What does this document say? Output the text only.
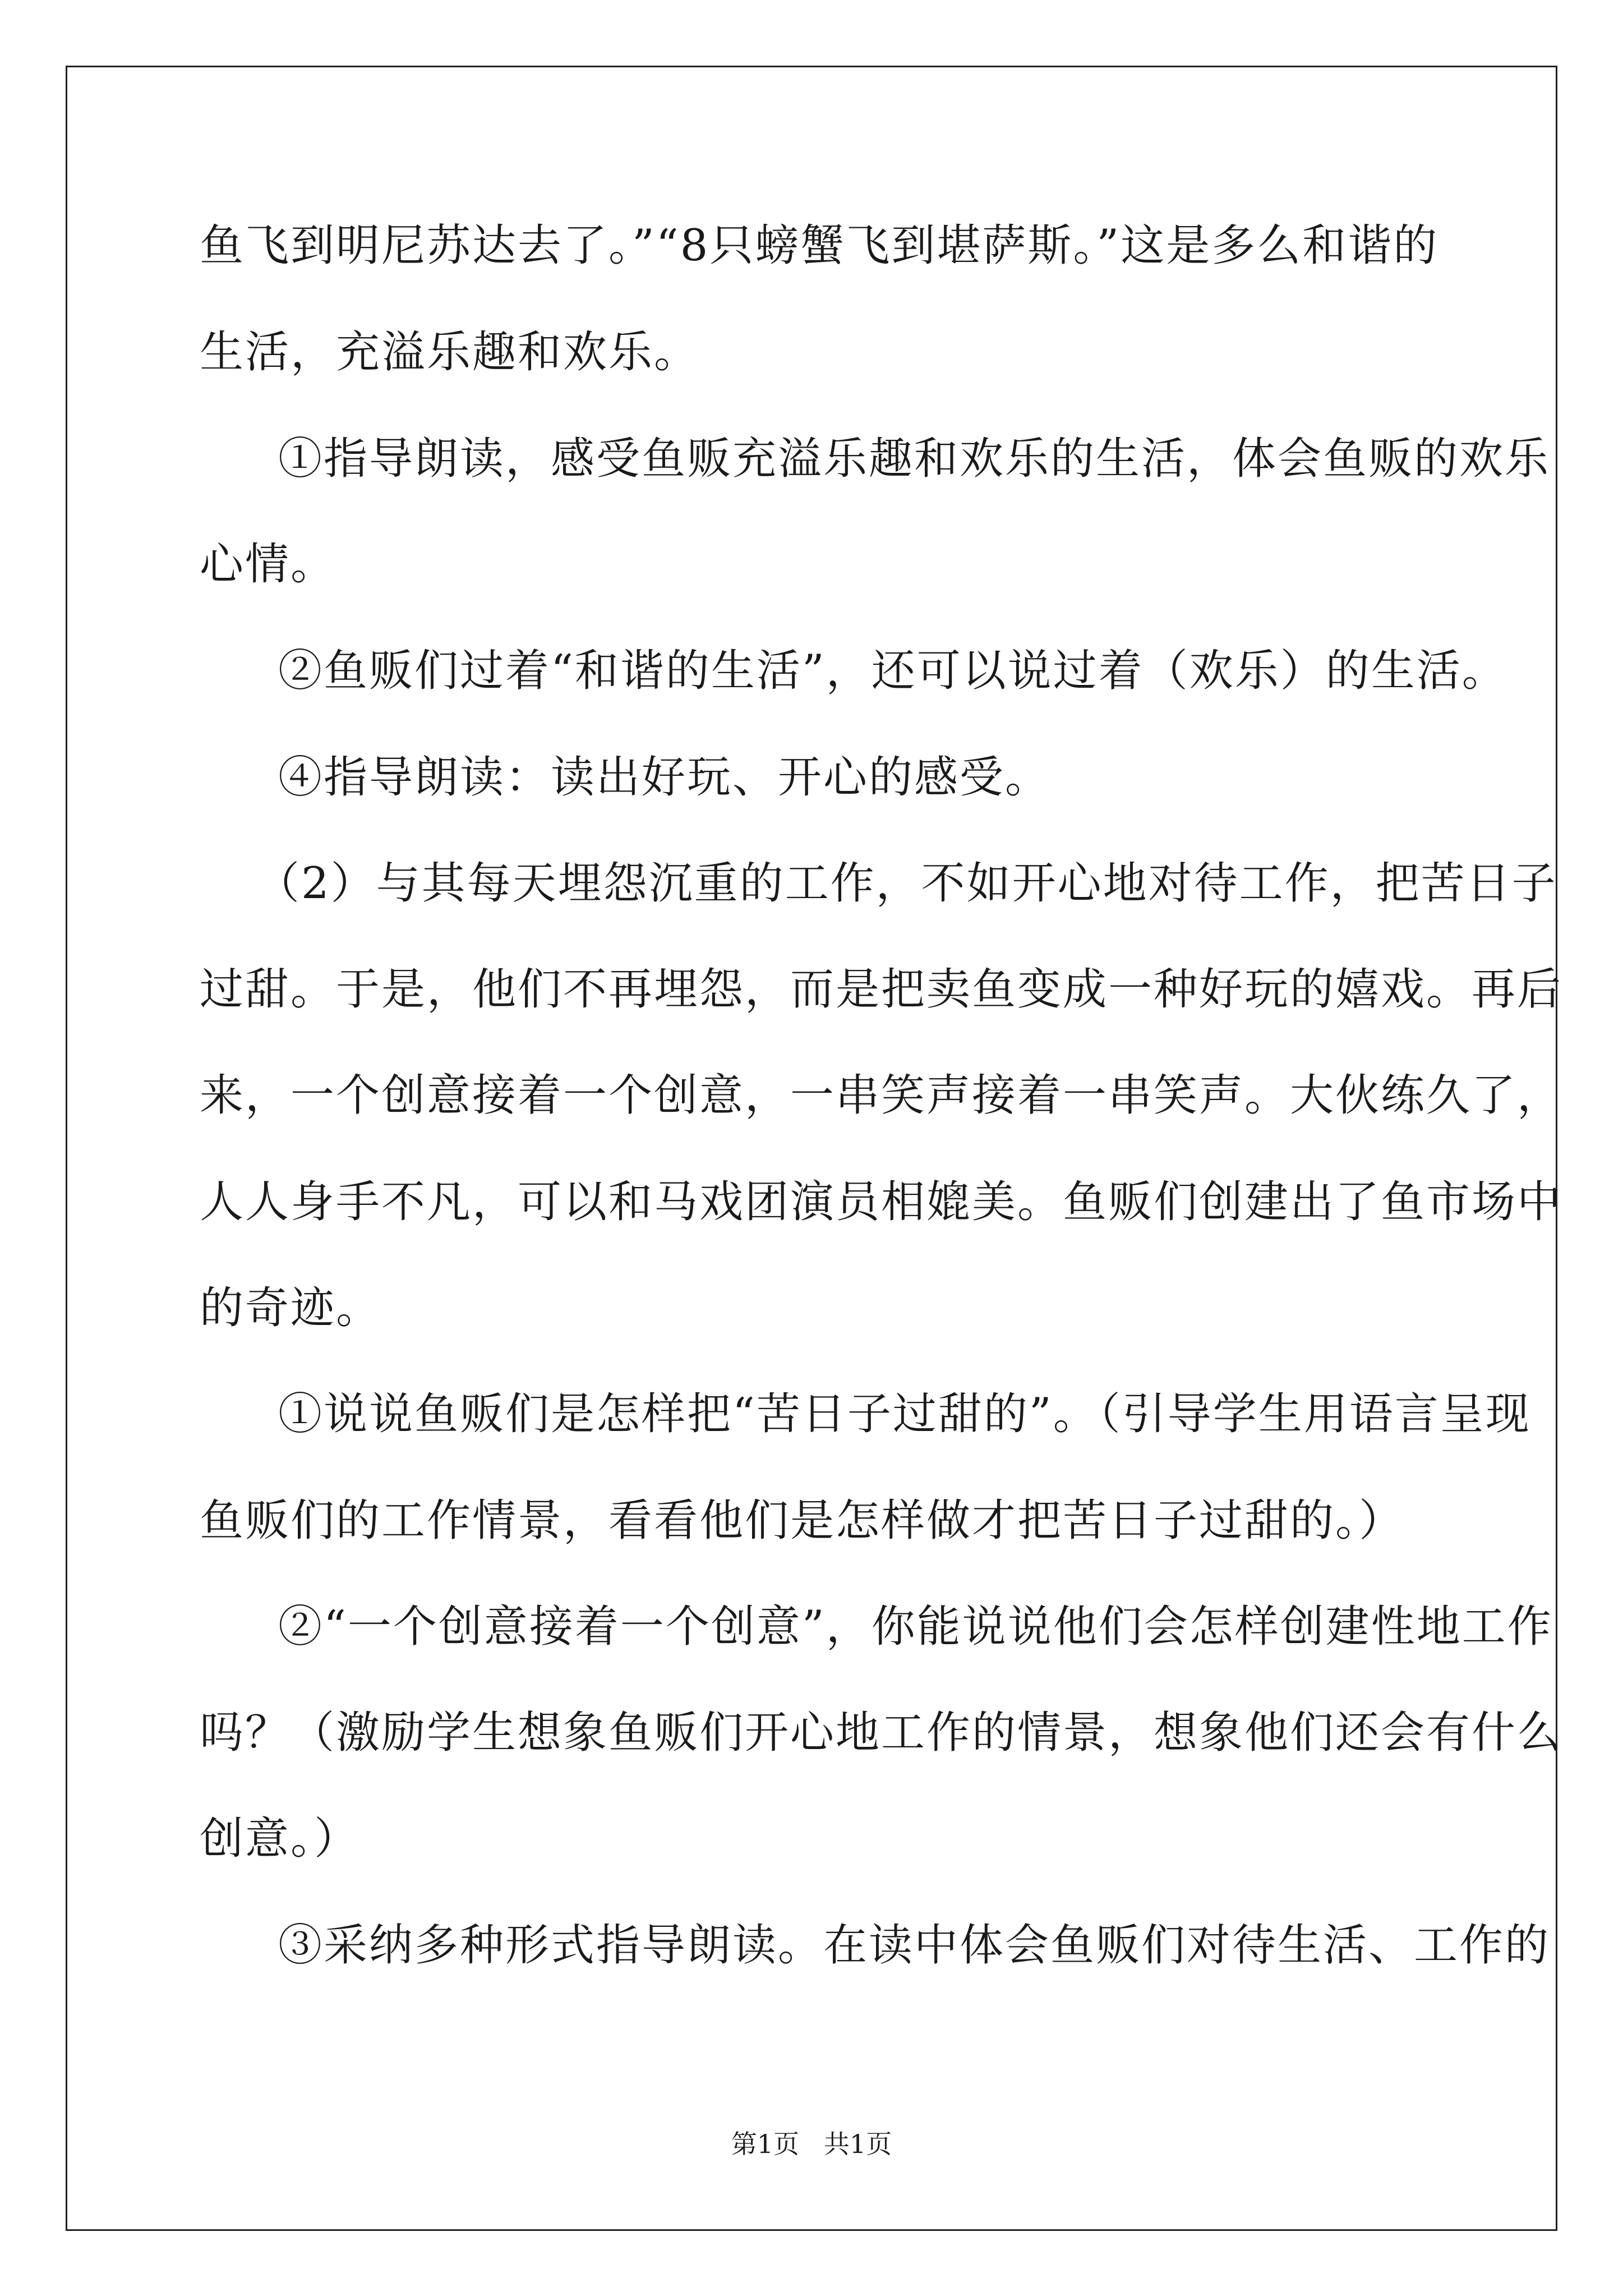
鱼飞到明尼苏达去了。”“8只螃蟹飞到堪萨斯。”这是多么和谐的
生活，充溢乐趣和欢乐。
①指导朗读，感受鱼贩充溢乐趣和欢乐的生活，体会鱼贩的欢乐
心情。
②鱼贩们过着“和谐的生活”，还可以说过着（欢乐）的生活。
④指导朗读：读出好玩、开心的感受。
（2）与其每天埋怨沉重的工作，不如开心地对待工作，把苦日子
过甜。于是，他们不再埋怨，而是把卖鱼变成一种好玩的嬉戏。再后
来，一个创意接着一个创意，一串笑声接着一串笑声。大伙练久了，
人人身手不凡，可以和马戏团演员相媲美。鱼贩们创建出了鱼市场中
的奇迹。
①说说鱼贩们是怎样把“苦日子过甜的”。（引导学生用语言呈现
鱼贩们的工作情景，看看他们是怎样做才把苦日子过甜的。）
②“一个创意接着一个创意”，你能说说他们会怎样创建性地工作
吗？（激励学生想象鱼贩们开心地工作的情景，想象他们还会有什么
创意。）
③采纳多种形式指导朗读。在读中体会鱼贩们对待生活、工作的
第1页   共1页
